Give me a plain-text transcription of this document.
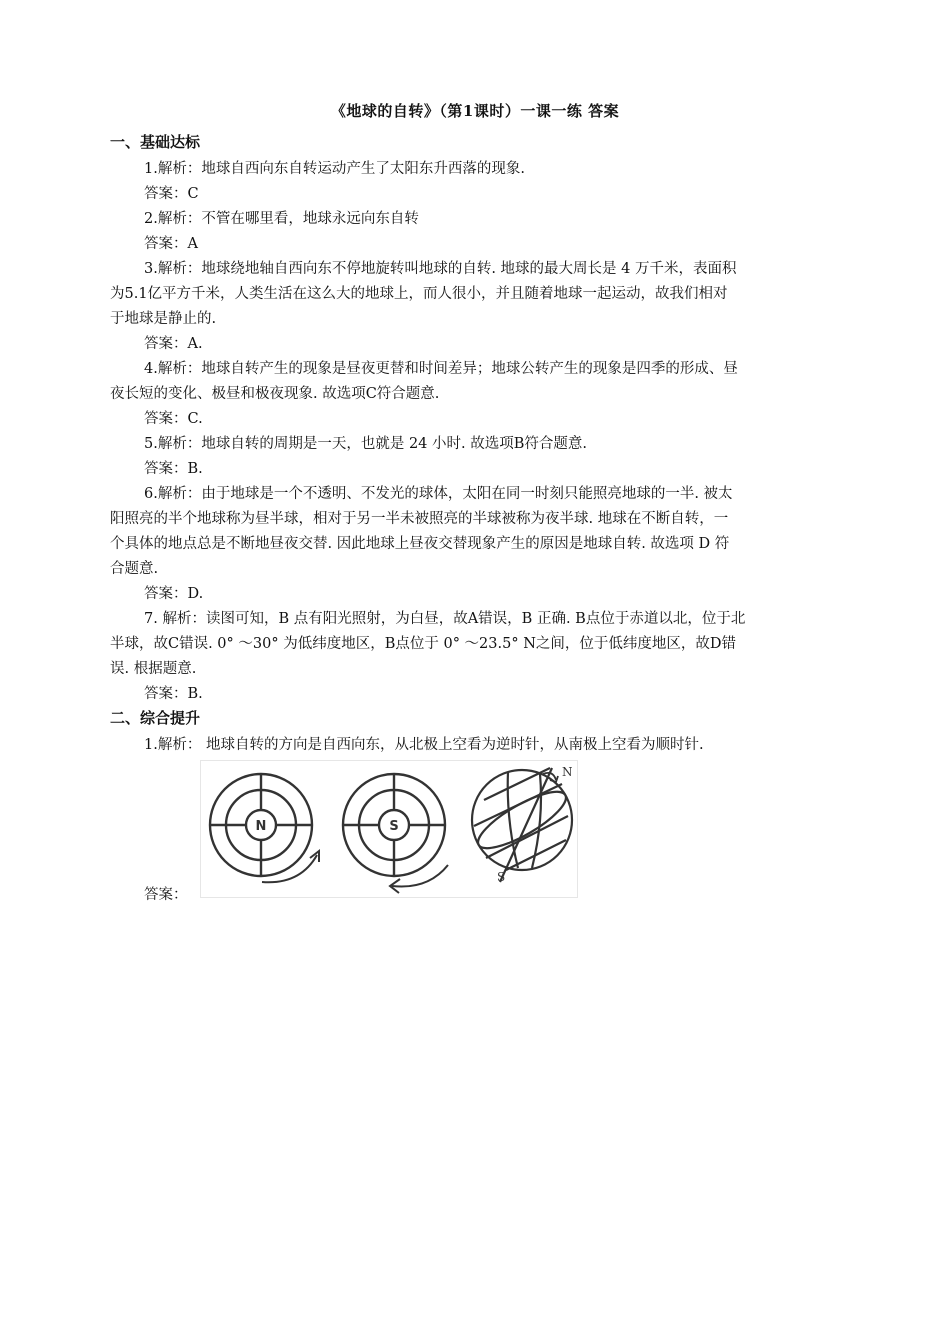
《地球的自转》（第1课时）一课一练 答案
一、基础达标
1.解析：地球自西向东自转运动产生了太阳东升西落的现象.
答案：C
2.解析：不管在哪里看，地球永远向东自转
答案：A
3.解析：地球绕地轴自西向东不停地旋转叫地球的自转. 地球的最大周长是 4 万千米，表面积
为5.1亿平方千米，人类生活在这么大的地球上，而人很小，并且随着地球一起运动，故我们相对
于地球是静止的.
答案：A.
4.解析：地球自转产生的现象是昼夜更替和时间差异；地球公转产生的现象是四季的形成、昼
夜长短的变化、极昼和极夜现象. 故选项C符合题意.
答案：C.
5.解析：地球自转的周期是一天，也就是 24 小时. 故选项B符合题意.
答案：B.
6.解析：由于地球是一个不透明、不发光的球体，太阳在同一时刻只能照亮地球的一半. 被太
阳照亮的半个地球称为昼半球，相对于另一半未被照亮的半球被称为夜半球. 地球在不断自转，一
个具体的地点总是不断地昼夜交替. 因此地球上昼夜交替现象产生的原因是地球自转. 故选项 D 符
合题意.
答案：D.
7. 解析：读图可知，B 点有阳光照射，为白昼，故A错误，B 正确. B点位于赤道以北，位于北
半球，故C错误. 0° ～30° 为低纬度地区，B点位于 0° ～23.5° N之间，位于低纬度地区，故D错
误. 根据题意.
答案：B.
二、综合提升
1.解析： 地球自转的方向是自西向东，从北极上空看为逆时针，从南极上空看为顺时针.
答案：
N	S
N
S
